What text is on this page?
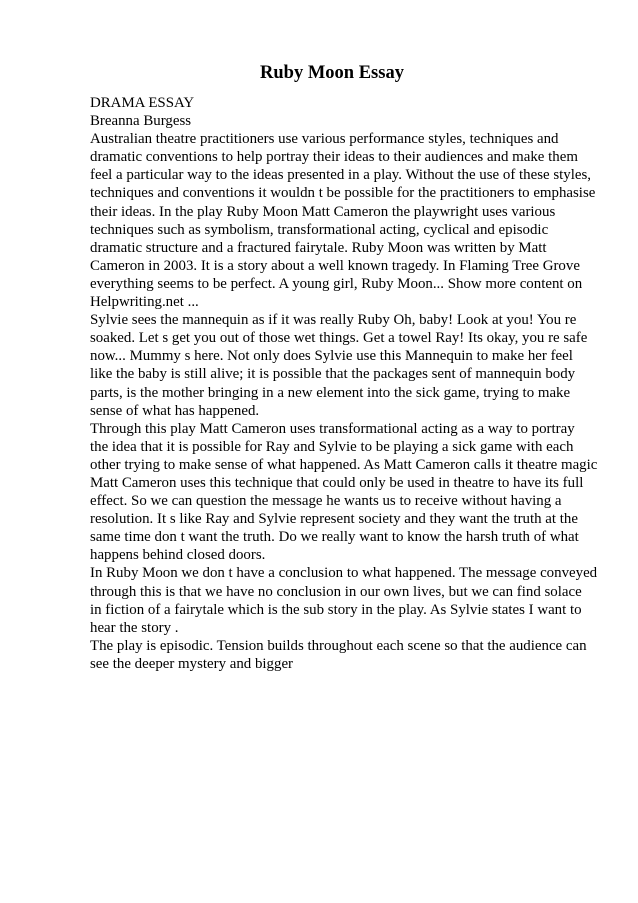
Ruby Moon Essay
DRAMA ESSAY
Breanna Burgess
Australian theatre practitioners use various performance styles, techniques and
dramatic conventions to help portray their ideas to their audiences and make them
feel a particular way to the ideas presented in a play. Without the use of these styles,
techniques and conventions it wouldn t be possible for the practitioners to emphasise
their ideas. In the play Ruby Moon Matt Cameron the playwright uses various
techniques such as symbolism, transformational acting, cyclical and episodic
dramatic structure and a fractured fairytale. Ruby Moon was written by Matt
Cameron in 2003. It is a story about a well known tragedy. In Flaming Tree Grove
everything seems to be perfect. A young girl, Ruby Moon... Show more content on
Helpwriting.net ...
Sylvie sees the mannequin as if it was really Ruby Oh, baby! Look at you! You re
soaked. Let s get you out of those wet things. Get a towel Ray! Its okay, you re safe
now... Mummy s here. Not only does Sylvie use this Mannequin to make her feel
like the baby is still alive; it is possible that the packages sent of mannequin body
parts, is the mother bringing in a new element into the sick game, trying to make
sense of what has happened.
Through this play Matt Cameron uses transformational acting as a way to portray
the idea that it is possible for Ray and Sylvie to be playing a sick game with each
other trying to make sense of what happened. As Matt Cameron calls it theatre magic
Matt Cameron uses this technique that could only be used in theatre to have its full
effect. So we can question the message he wants us to receive without having a
resolution. It s like Ray and Sylvie represent society and they want the truth at the
same time don t want the truth. Do we really want to know the harsh truth of what
happens behind closed doors.
In Ruby Moon we don t have a conclusion to what happened. The message conveyed
through this is that we have no conclusion in our own lives, but we can find solace
in fiction of a fairytale which is the sub story in the play. As Sylvie states I want to
hear the story .
The play is episodic. Tension builds throughout each scene so that the audience can
see the deeper mystery and bigger
